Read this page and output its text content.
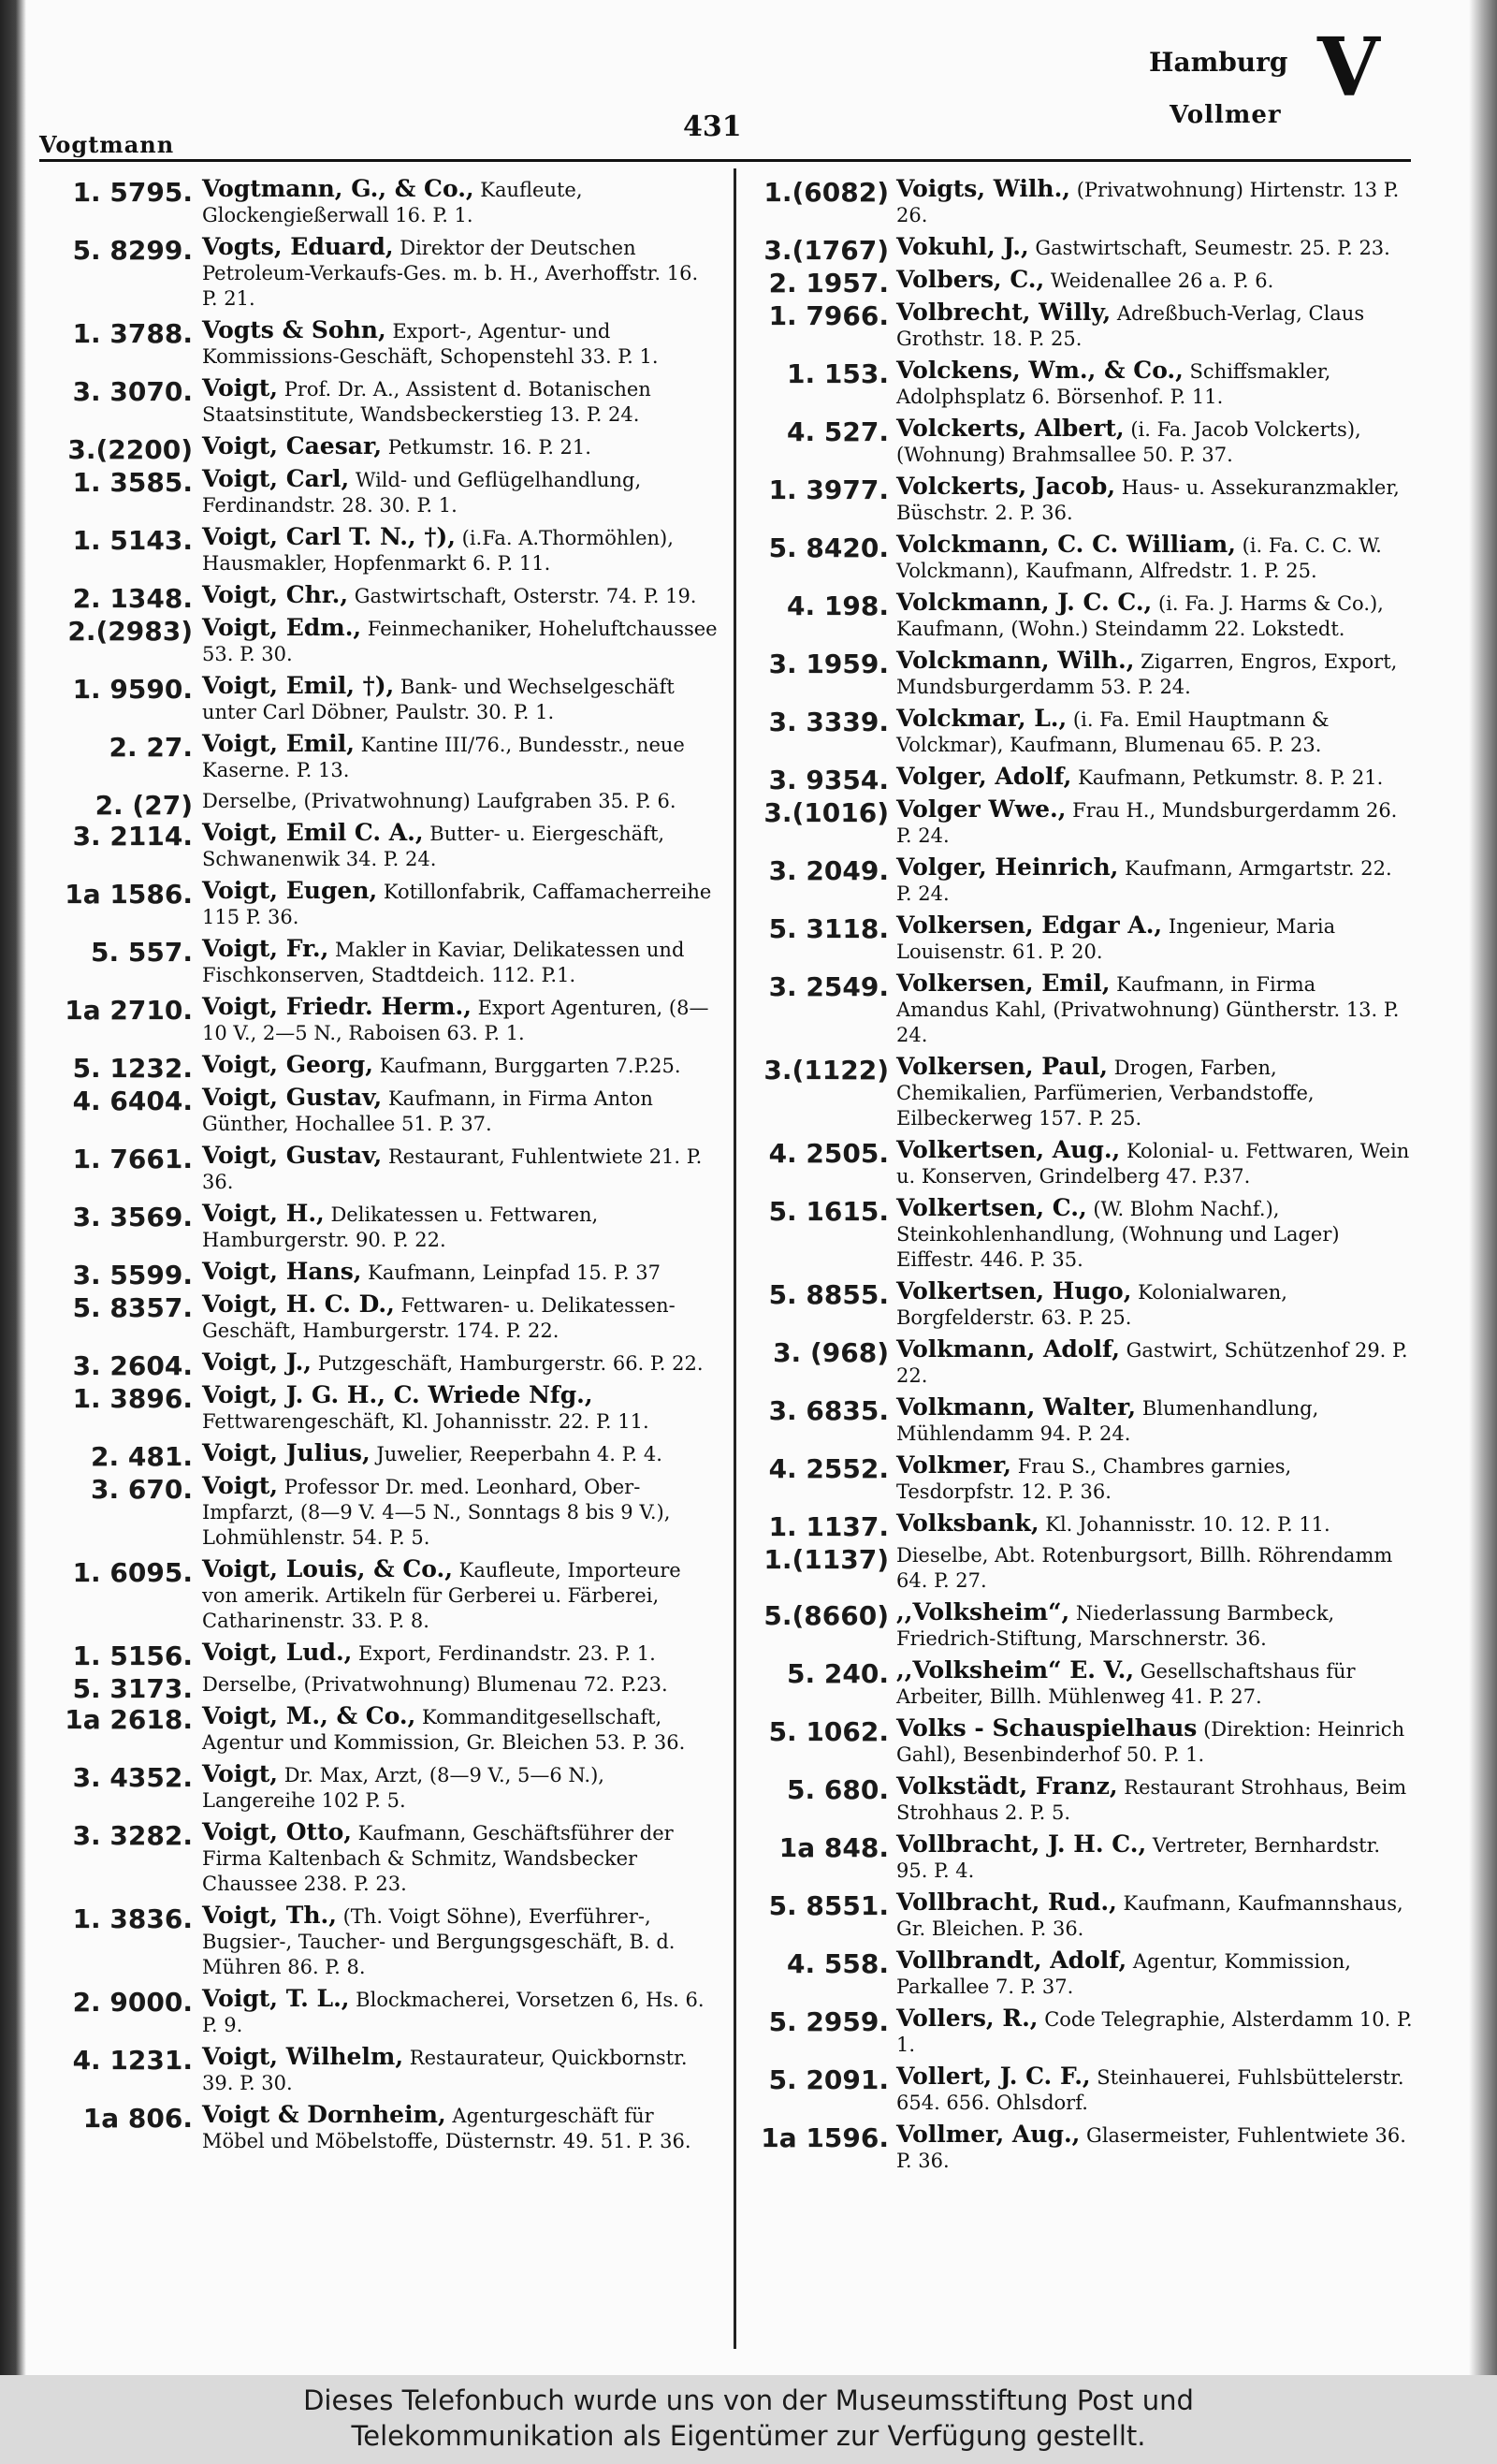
Vogtmann
431
Hamburg
Vollmer V
1. 5795. Vogtmann, G., & Co., Kaufleute, Glockengießerwall 16. P. 1.
5. 8299. Vogts, Eduard, Direktor der Deutschen Petroleum-Verkaufs-Ges. m. b. H., Averhoffstr. 16. P. 21.
1. 3788. Vogts & Sohn, Export-, Agentur- und Kommissions-Geschäft, Schopenstehl 33. P. 1.
3. 3070. Voigt, Prof. Dr. A., Assistent d. Botanischen Staatsinstitute, Wandsbeckerstieg 13. P. 24.
3.(2200) Voigt, Caesar, Petkumstr. 16. P. 21.
1. 3585. Voigt, Carl, Wild- und Geflügelhandlung, Ferdinandstr. 28. 30. P. 1.
1. 5143. Voigt, Carl T. N., †), (i.Fa. A.Thormöhlen), Hausmakler, Hopfenmarkt 6. P. 11.
2. 1348. Voigt, Chr., Gastwirtschaft, Osterstr. 74. P. 19.
2.(2983) Voigt, Edm., Feinmechaniker, Hoheluftchaussee 53. P. 30.
1. 9590. Voigt, Emil, †), Bank- und Wechselgeschäft unter Carl Döbner, Paulstr. 30. P. 1.
2. 27. Voigt, Emil, Kantine III/76., Bundesstr., neue Kaserne. P. 13.
2. (27) Derselbe, (Privatwohnung) Laufgraben 35. P. 6.
3. 2114. Voigt, Emil C. A., Butter- u. Eiergeschäft, Schwanenwik 34. P. 24.
1a 1586. Voigt, Eugen, Kotillonfabrik, Caffamacherreihe 115 P. 36.
5. 557. Voigt, Fr., Makler in Kaviar, Delikatessen und Fischkonserven, Stadtdeich. 112. P.1.
1a 2710. Voigt, Friedr. Herm., Export Agenturen, (8—10 V., 2—5 N., Raboisen 63. P. 1.
5. 1232. Voigt, Georg, Kaufmann, Burggarten 7.P.25.
4. 6404. Voigt, Gustav, Kaufmann, in Firma Anton Günther, Hochallee 51. P. 37.
1. 7661. Voigt, Gustav, Restaurant, Fuhlentwiete 21. P. 36.
3. 3569. Voigt, H., Delikatessen u. Fettwaren, Hamburgerstr. 90. P. 22.
3. 5599. Voigt, Hans, Kaufmann, Leinpfad 15. P. 37
5. 8357. Voigt, H. C. D., Fettwaren- u. Delikatessen-Geschäft, Hamburgerstr. 174. P. 22.
3. 2604. Voigt, J., Putzgeschäft, Hamburgerstr. 66. P. 22.
1. 3896. Voigt, J. G. H., C. Wriede Nfg., Fettwarengeschäft, Kl. Johannisstr. 22. P. 11.
2. 481. Voigt, Julius, Juwelier, Reeperbahn 4. P. 4.
3. 670. Voigt, Professor Dr. med. Leonhard, Ober-Impfarzt, (8—9 V. 4—5 N., Sonntags 8 bis 9 V.), Lohmühlenstr. 54. P. 5.
1. 6095. Voigt, Louis, & Co., Kaufleute, Importeure von amerik. Artikeln für Gerberei u. Färberei, Catharinenstr. 33. P. 8.
1. 5156. Voigt, Lud., Export, Ferdinandstr. 23. P. 1.
5. 3173. Derselbe, (Privatwohnung) Blumenau 72. P.23.
1a 2618. Voigt, M., & Co., Kommanditgesellschaft, Agentur und Kommission, Gr. Bleichen 53. P. 36.
3. 4352. Voigt, Dr. Max, Arzt, (8—9 V., 5—6 N.), Langereihe 102 P. 5.
3. 3282. Voigt, Otto, Kaufmann, Geschäftsführer der Firma Kaltenbach & Schmitz, Wandsbecker Chaussee 238. P. 23.
1. 3836. Voigt, Th., (Th. Voigt Söhne), Everführer-, Bugsier-, Taucher- und Bergungsgeschäft, B. d. Mühren 86. P. 8.
2. 9000. Voigt, T. L., Blockmacherei, Vorsetzen 6, Hs. 6. P. 9.
4. 1231. Voigt, Wilhelm, Restaurateur, Quickbornstr. 39. P. 30.
1a 806. Voigt & Dornheim, Agenturgeschäft für Möbel und Möbelstoffe, Düsternstr. 49. 51. P. 36.
1.(6082) Voigts, Wilh., (Privatwohnung) Hirtenstr. 13 P. 26.
3.(1767) Vokuhl, J., Gastwirtschaft, Seumestr. 25. P. 23.
2. 1957. Volbers, C., Weidenallee 26 a. P. 6.
1. 7966. Volbrecht, Willy, Adreßbuch-Verlag, Claus Grothstr. 18. P. 25.
1. 153. Volckens, Wm., & Co., Schiffsmakler, Adolphsplatz 6. Börsenhof. P. 11.
4. 527. Volckerts, Albert, (i. Fa. Jacob Volckerts), (Wohnung) Brahmsallee 50. P. 37.
1. 3977. Volckerts, Jacob, Haus- u. Assekuranzmakler, Büschstr. 2. P. 36.
5. 8420. Volckmann, C. C. William, (i. Fa. C. C. W. Volckmann), Kaufmann, Alfredstr. 1. P. 25.
4. 198. Volckmann, J. C. C., (i. Fa. J. Harms & Co.), Kaufmann, (Wohn.) Steindamm 22. Lokstedt.
3. 1959. Volckmann, Wilh., Zigarren, Engros, Export, Mundsburgerdamm 53. P. 24.
3. 3339. Volckmar, L., (i. Fa. Emil Hauptmann & Volckmar), Kaufmann, Blumenau 65. P. 23.
3. 9354. Volger, Adolf, Kaufmann, Petkumstr. 8. P. 21.
3.(1016) Volger Wwe., Frau H., Mundsburgerdamm 26. P. 24.
3. 2049. Volger, Heinrich, Kaufmann, Armgartstr. 22. P. 24.
5. 3118. Volkersen, Edgar A., Ingenieur, Maria Louisenstr. 61. P. 20.
3. 2549. Volkersen, Emil, Kaufmann, in Firma Amandus Kahl, (Privatwohnung) Güntherstr. 13. P. 24.
3.(1122) Volkersen, Paul, Drogen, Farben, Chemikalien, Parfümerien, Verbandstoffe, Eilbeckerweg 157. P. 25.
4. 2505. Volkertsen, Aug., Kolonial- u. Fettwaren, Wein u. Konserven, Grindelberg 47. P.37.
5. 1615. Volkertsen, C., (W. Blohm Nachf.), Steinkohlenhandlung, (Wohnung und Lager) Eiffestr. 446. P. 35.
5. 8855. Volkertsen, Hugo, Kolonialwaren, Borgfelderstr. 63. P. 25.
3. (968) Volkmann, Adolf, Gastwirt, Schützenhof 29. P. 22.
3. 6835. Volkmann, Walter, Blumenhandlung, Mühlendamm 94. P. 24.
4. 2552. Volkmer, Frau S., Chambres garnies, Tesdorpfstr. 12. P. 36.
1. 1137. Volksbank, Kl. Johannisstr. 10. 12. P. 11.
1.(1137) Dieselbe, Abt. Rotenburgsort, Billh. Röhrendamm 64. P. 27.
5.(8660) ,,Volksheim“, Niederlassung Barmbeck, Friedrich-Stiftung, Marschnerstr. 36.
5. 240. ,,Volksheim“ E. V., Gesellschaftshaus für Arbeiter, Billh. Mühlenweg 41. P. 27.
5. 1062. Volks - Schauspielhaus (Direktion: Heinrich Gahl), Besenbinderhof 50. P. 1.
5. 680. Volkstädt, Franz, Restaurant Strohhaus, Beim Strohhaus 2. P. 5.
1a 848. Vollbracht, J. H. C., Vertreter, Bernhardstr. 95. P. 4.
5. 8551. Vollbracht, Rud., Kaufmann, Kaufmannshaus, Gr. Bleichen. P. 36.
4. 558. Vollbrandt, Adolf, Agentur, Kommission, Parkallee 7. P. 37.
5. 2959. Vollers, R., Code Telegraphie, Alsterdamm 10. P. 1.
5. 2091. Vollert, J. C. F., Steinhauerei, Fuhlsbüttelerstr. 654. 656. Ohlsdorf.
1a 1596. Vollmer, Aug., Glasermeister, Fuhlentwiete 36. P. 36.
Dieses Telefonbuch wurde uns von der Museumsstiftung Post und
Telekommunikation als Eigentümer zur Verfügung gestellt.
